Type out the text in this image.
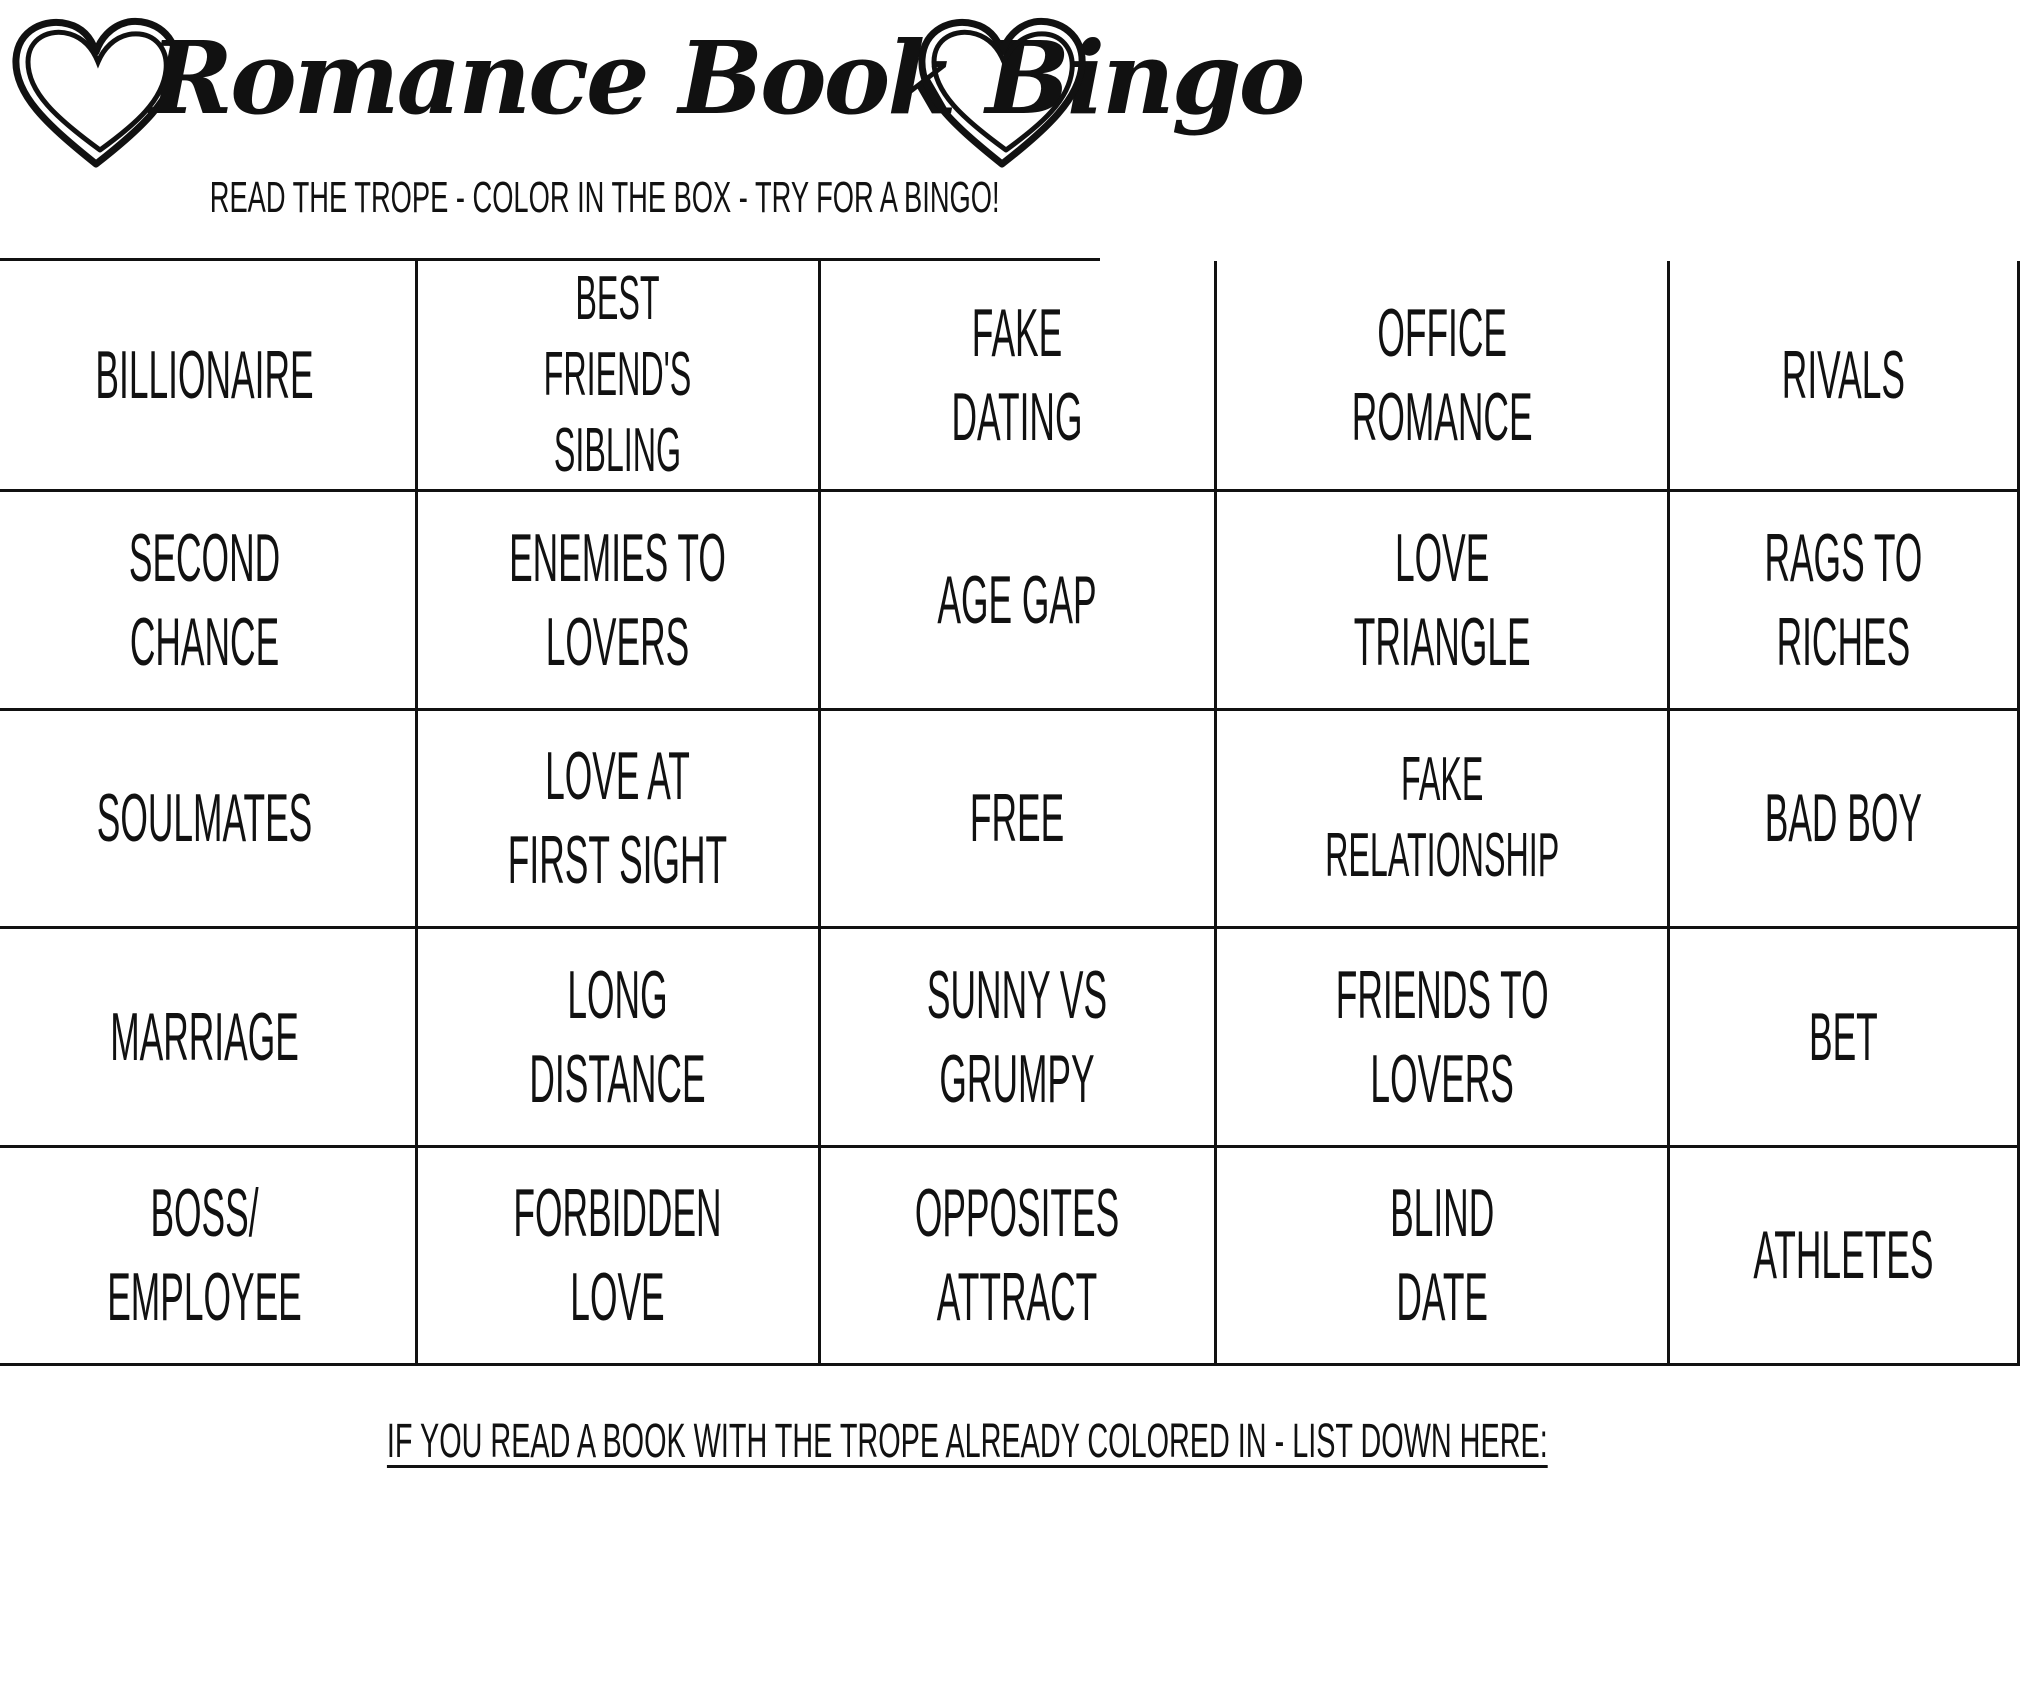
Romance Book Bingo
READ THE TROPE - COLOR IN THE BOX - TRY FOR A BINGO!
BILLIONAIRE
BEST
FRIEND'S
SIBLING
FAKE
DATING
OFFICE
ROMANCE
RIVALS
SECOND
CHANCE
ENEMIES TO
LOVERS
AGE GAP
LOVE
TRIANGLE
RAGS TO
RICHES
SOULMATES
LOVE AT
FIRST SIGHT
FREE
FAKE
RELATIONSHIP	BAD BOY
MARRIAGE
LONG
DISTANCE
SUNNY VS
GRUMPY
FRIENDS TO
LOVERS
BET
BOSS/
EMPLOYEE
FORBIDDEN
LOVE
OPPOSITES
ATTRACT
BLIND
DATE
ATHLETES
IF YOU READ A BOOK WITH THE TROPE ALREADY COLORED IN - LIST DOWN HERE:
